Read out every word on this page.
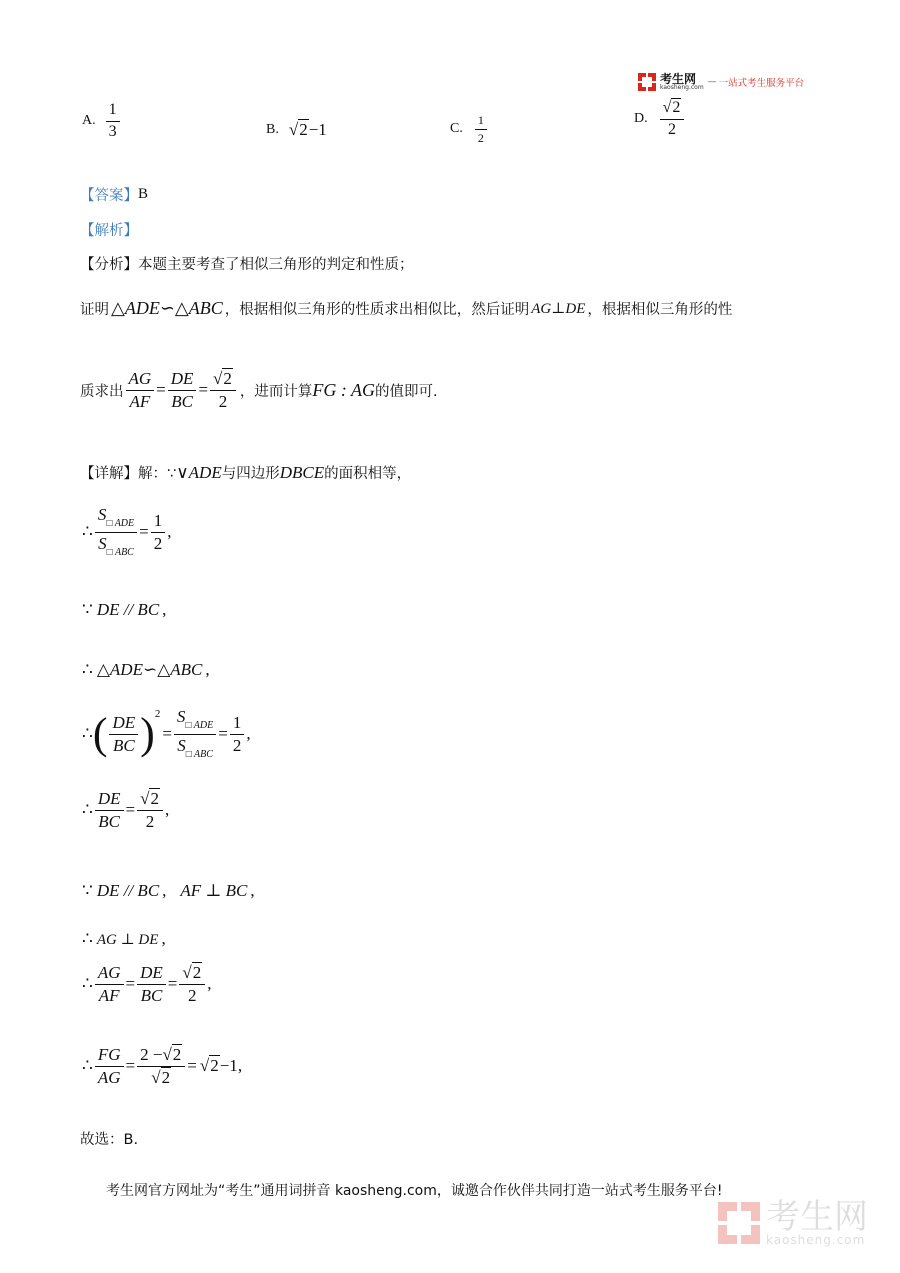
考生网
kaosheng.com
— 一站式考生服务平台
A. $\frac{1}{3}$	B. √2 −1	C. $\frac{1}{2}$	D. $\frac{√2}{2}$
【答案】 B
【解析】
【分析】 本题主要考查了相似三角形的判定和性质；
证明 △ADE∽△ABC ，根据相似三角形的性质求出相似比，然后证明 AG⊥DE ，根据相似三角形的性
质求出 $\frac{AG}{AF} = \frac{DE}{BC} = \frac{√2}{2}$ ，进而计算 FG : AG 的值即可.
【详解】 解：∵ ∨ADE 与四边形 DBCE 的面积相等，
∴ $\frac{S_{□ ADE}}{S_{□ ABC}} = \frac{1}{2}$ ,
∵ DE // BC ,
∴ △ADE∽△ABC ,
∴ ( $\frac{DE}{BC}$ ) 2
= $\frac{S_{□ ADE}}{S_{□ ABC}} = \frac{1}{2}$ ,
∴ $\frac{DE}{BC} = \frac{√2}{2}$ ,
∵ DE // BC , AF ⊥ BC ,
∴ AG ⊥ DE ,
∴ $\frac{AG}{AF} = \frac{DE}{BC} = \frac{√2}{2}$ ,
∴ $\frac{FG}{AG} = \frac{2 -√2}{√2} = √2 -1$ ,
故选：B.
考生网官方网址为“考生”通用词拼音 kaosheng.com，诚邀合作伙伴共同打造一站式考生服务平台!
考生网
kaosheng.com
